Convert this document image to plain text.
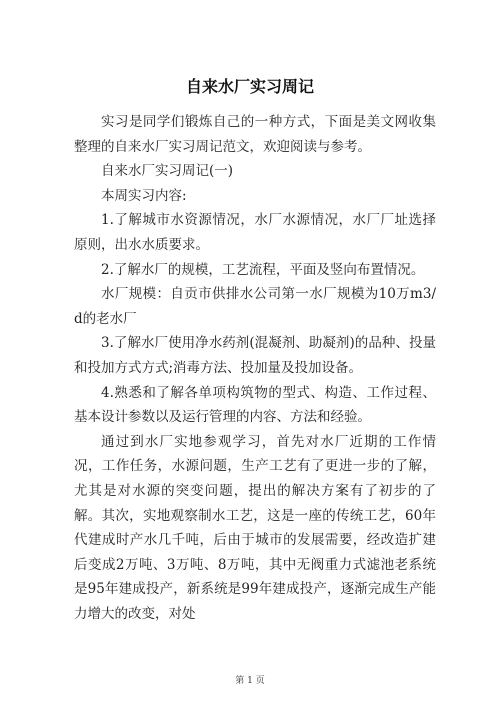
自来水厂实习周记

实习是同学们锻炼自己的一种方式，下面是美文网收集整理的自来水厂实习周记范文，欢迎阅读与参考。

自来水厂实习周记(一)

本周实习内容:

1.了解城市水资源情况，水厂水源情况，水厂厂址选择原则，出水水质要求。

2.了解水厂的规模，工艺流程，平面及竖向布置情况。

水厂规模：自贡市供排水公司第一水厂规模为10万m3/d的老水厂

3.了解水厂使用净水药剂(混凝剂、助凝剂)的品种、投量和投加方式方式;消毒方法、投加量及投加设备。

4.熟悉和了解各单项构筑物的型式、构造、工作过程、基本设计参数以及运行管理的内容、方法和经验。

通过到水厂实地参观学习，首先对水厂近期的工作情况，工作任务，水源问题，生产工艺有了更进一步的了解，尤其是对水源的突变问题，提出的解决方案有了初步的了解。其次，实地观察制水工艺，这是一座的传统工艺，60年代建成时产水几千吨，后由于城市的发展需要，经改造扩建后变成2万吨、3万吨、8万吨，其中无阀重力式滤池老系统是95年建成投产，新系统是99年建成投产，逐渐完成生产能力增大的改变，对处

第 1 页
